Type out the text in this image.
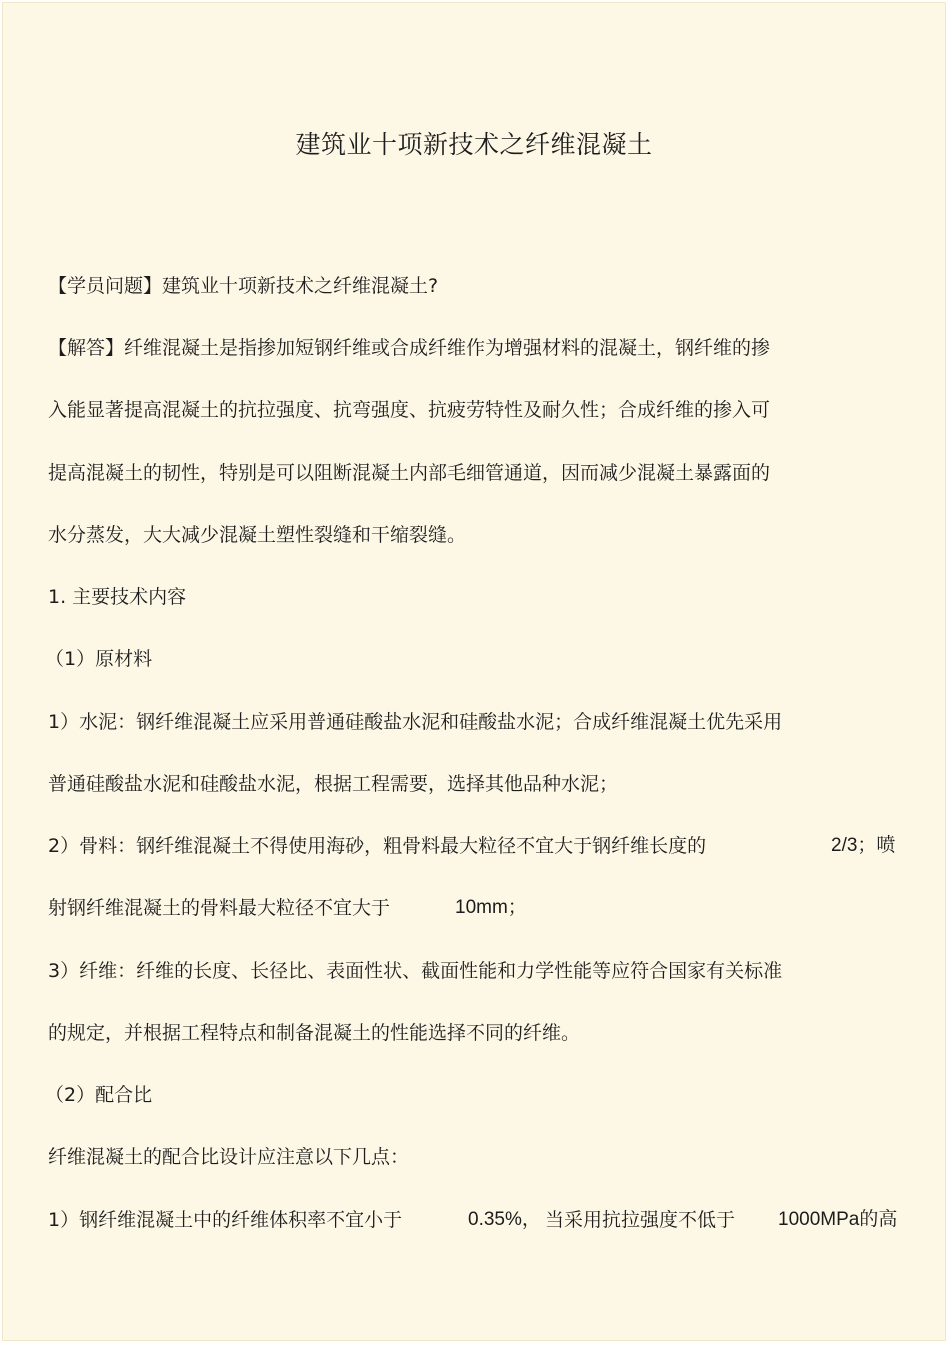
建筑业十项新技术之纤维混凝土
【学员问题】建筑业十项新技术之纤维混凝土?
【解答】纤维混凝土是指掺加短钢纤维或合成纤维作为增强材料的混凝土，钢纤维的掺
入能显著提高混凝土的抗拉强度、抗弯强度、抗疲劳特性及耐久性；合成纤维的掺入可
提高混凝土的韧性，特别是可以阻断混凝土内部毛细管通道，因而减少混凝土暴露面的
水分蒸发，大大减少混凝土塑性裂缝和干缩裂缝。
1. 主要技术内容
（1）原材料
1）水泥：钢纤维混凝土应采用普通硅酸盐水泥和硅酸盐水泥；合成纤维混凝土优先采用
普通硅酸盐水泥和硅酸盐水泥，根据工程需要，选择其他品种水泥；
2）骨料：钢纤维混凝土不得使用海砂，粗骨料最大粒径不宜大于钢纤维长度的	2/3；喷
射钢纤维混凝土的骨料最大粒径不宜大于	10mm；
3）纤维：纤维的长度、长径比、表面性状、截面性能和力学性能等应符合国家有关标准
的规定，并根据工程特点和制备混凝土的性能选择不同的纤维。
（2）配合比
纤维混凝土的配合比设计应注意以下几点：
1）钢纤维混凝土中的纤维体积率不宜小于	0.35%， 当采用抗拉强度不低于 1000MPa的高
